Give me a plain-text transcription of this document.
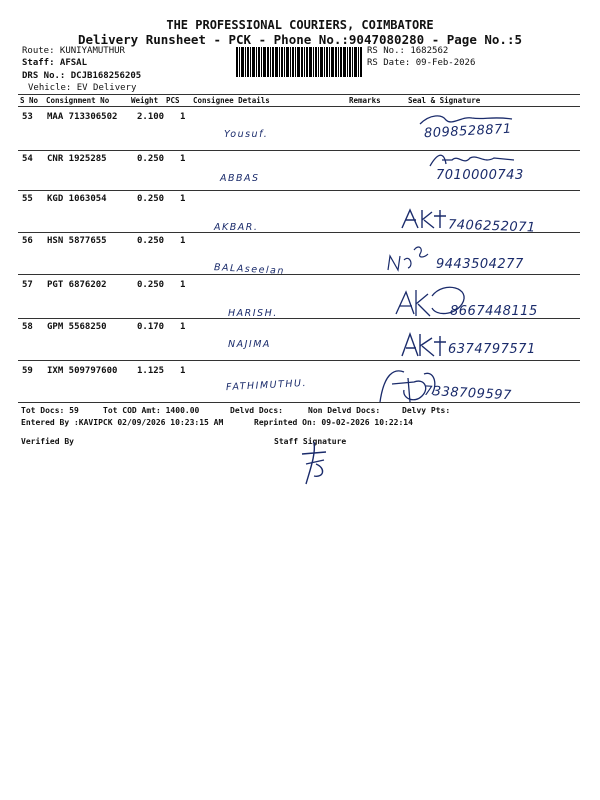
THE PROFESSIONAL COURIERS, COIMBATORE
Delivery Runsheet - PCK - Phone No.:9047080280 - Page No.:5
Route: KUNIYAMUTHUR
Staff: AFSAL
DRS No.: DCJB168256205
Vehicle: EV Delivery
RS No.: 1682562
RS Date: 09-Feb-2026
S No Consignment No	Weight PCS Consignee Details	Remarks	Seal & Signature
53 MAA 713306502 2.100 1
Yousuf.	8098528871
54 CNR 1925285	0.250 1
ABBAS	7010000743
55 KGD 1063054	0.250 1
AKBAR.	7406252071
56 HSN 5877655	0.250 1
BALAseelan	9443504277
57 PGT 6876202	0.250 1
HARISH.	8667448115
58 GPM 5568250	0.170 1
NAJIMA	6374797571
59 IXM 509797600 1.125 1
FATHIMUTHU.	7338709597
Tot Docs: 59	Tot COD Amt: 1400.00	Delvd Docs:	Non Delvd Docs:	Delvy Pts:
Entered By :KAVIPCK 02/09/2026 10:23:15 AM	Reprinted On: 09-02-2026 10:22:14
Verified By	Staff Signature
